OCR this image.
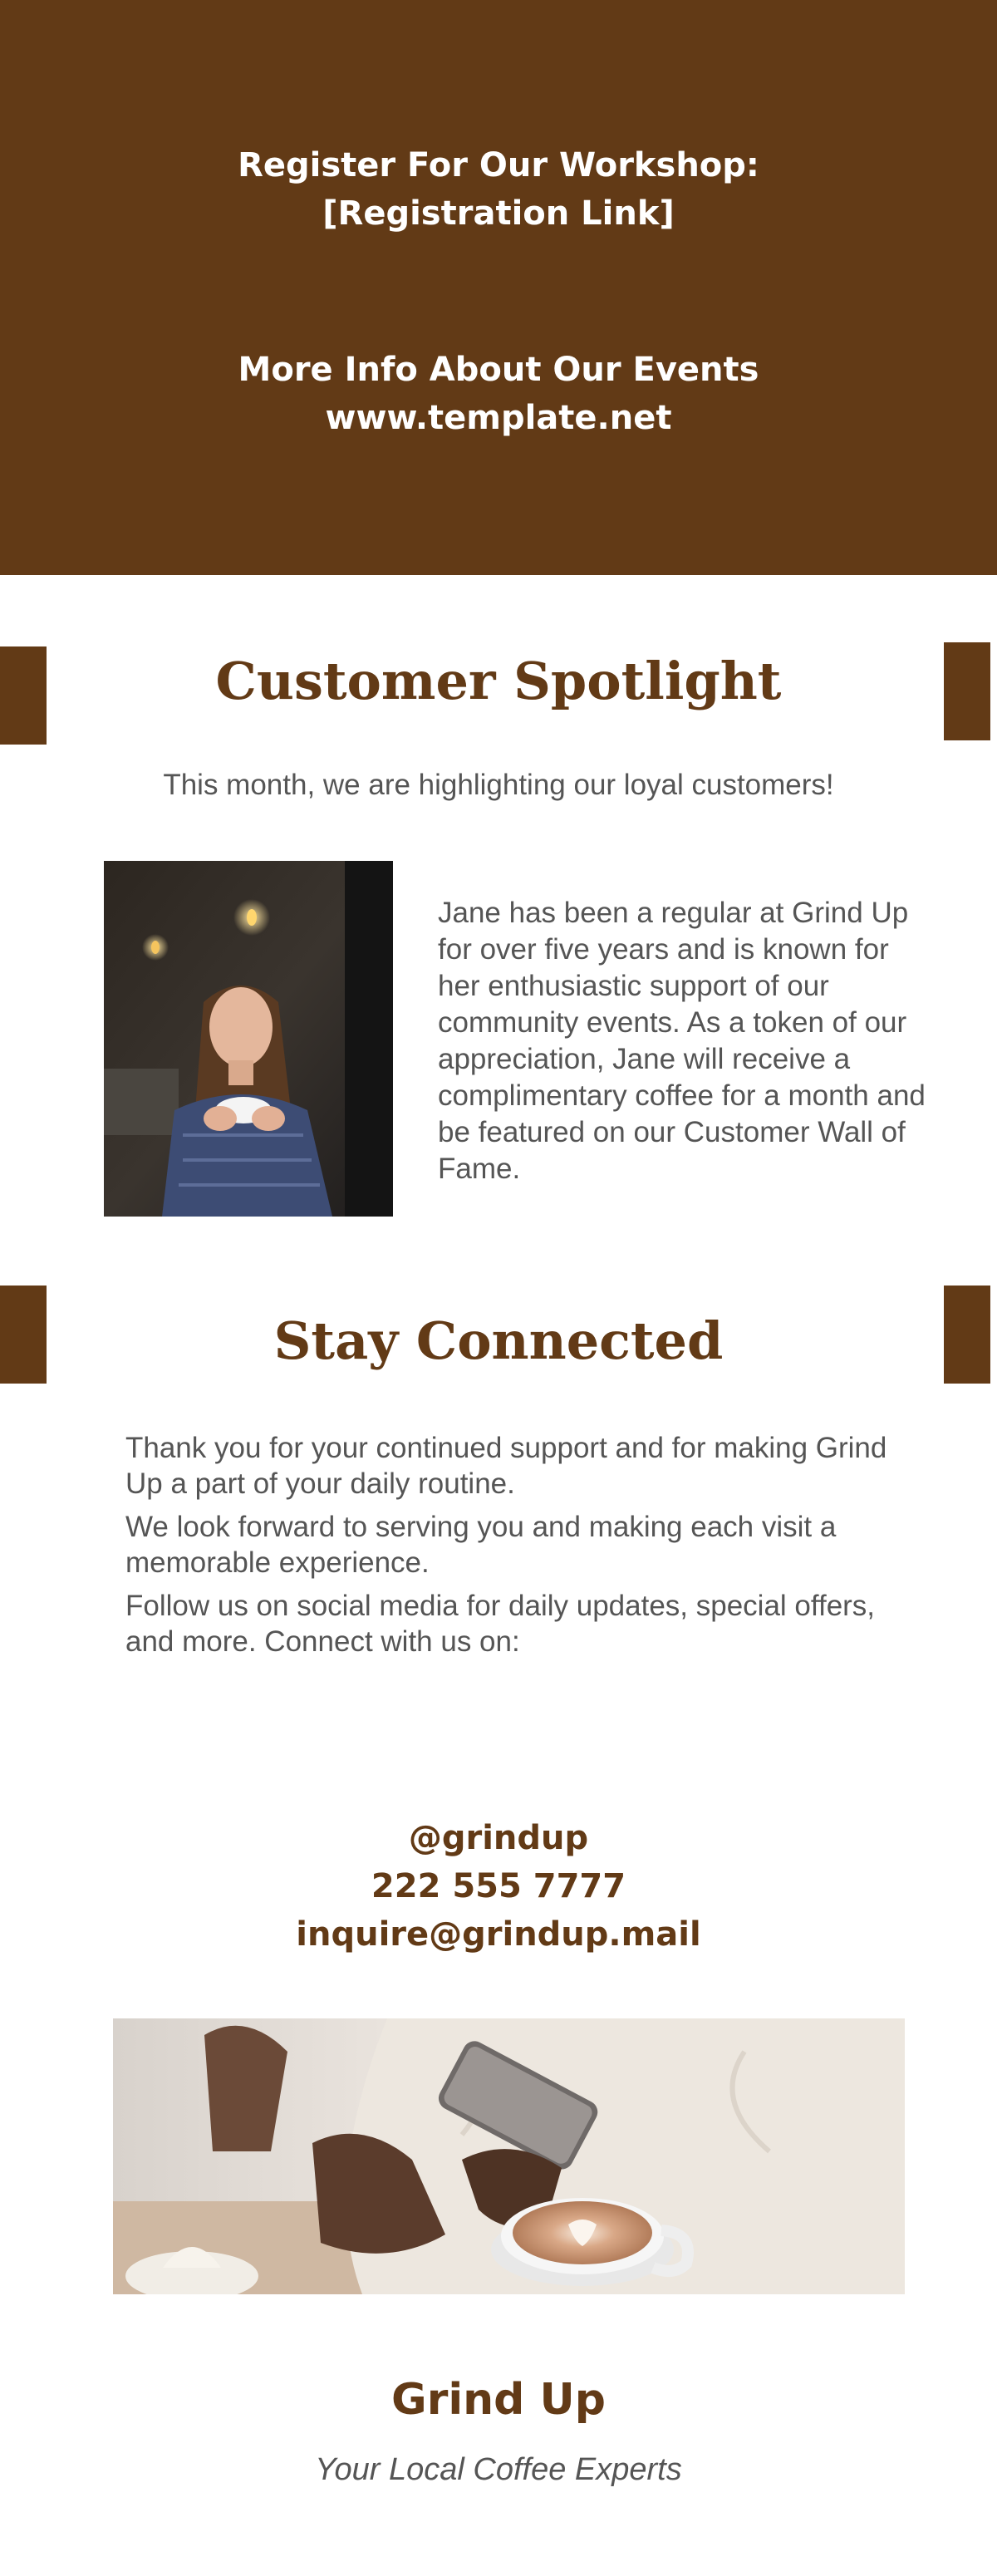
Register For Our Workshop:
[Registration Link]
More Info About Our Events
www.template.net
Customer Spotlight
This month, we are highlighting our loyal customers!
Jane has been a regular at Grind Up for over five years and is known for her enthusiastic support of our community events. As a token of our appreciation, Jane will receive a complimentary coffee for a month and be featured on our Customer Wall of Fame.
Stay Connected

Thank you for your continued support and for making Grind Up a part of your daily routine.

We look forward to serving you and making each visit a memorable experience.

Follow us on social media for daily updates, special offers, and more. Connect with us on:

@grindup
222 555 7777
inquire@grindup.mail
Grind Up
Your Local Coffee Experts
